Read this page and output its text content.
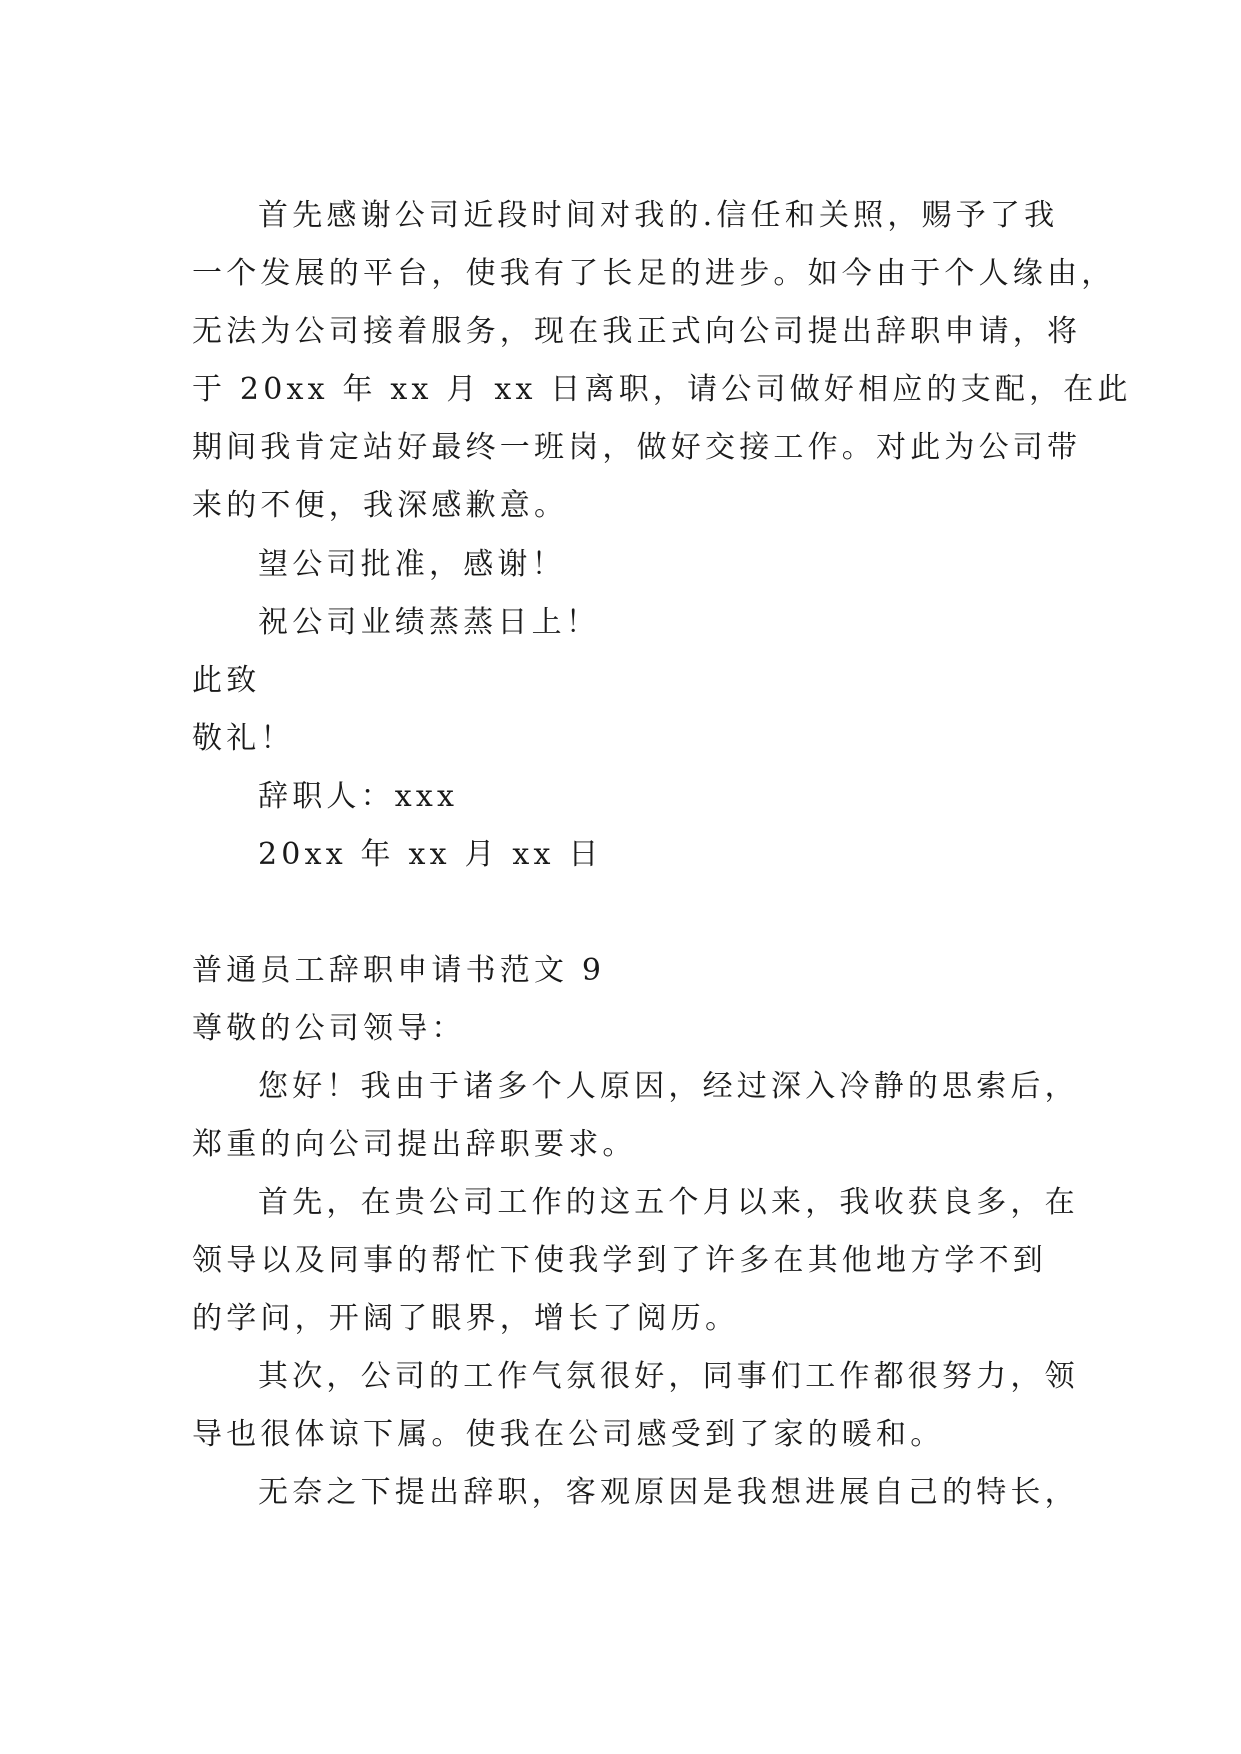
首先感谢公司近段时间对我的.信任和关照，赐予了我
一个发展的平台，使我有了长足的进步。如今由于个人缘由，
无法为公司接着服务，现在我正式向公司提出辞职申请，将
于 20xx 年 xx 月 xx 日离职，请公司做好相应的支配，在此
期间我肯定站好最终一班岗，做好交接工作。对此为公司带
来的不便，我深感歉意。
望公司批准，感谢！
祝公司业绩蒸蒸日上！
此致
敬礼！
辞职人：xxx
20xx 年 xx 月 xx 日
普通员工辞职申请书范文 9
尊敬的公司领导：
您好！我由于诸多个人原因，经过深入冷静的思索后，
郑重的向公司提出辞职要求。
首先，在贵公司工作的这五个月以来，我收获良多，在
领导以及同事的帮忙下使我学到了许多在其他地方学不到
的学问，开阔了眼界，增长了阅历。
其次，公司的工作气氛很好，同事们工作都很努力，领
导也很体谅下属。使我在公司感受到了家的暖和。
无奈之下提出辞职，客观原因是我想进展自己的特长，
